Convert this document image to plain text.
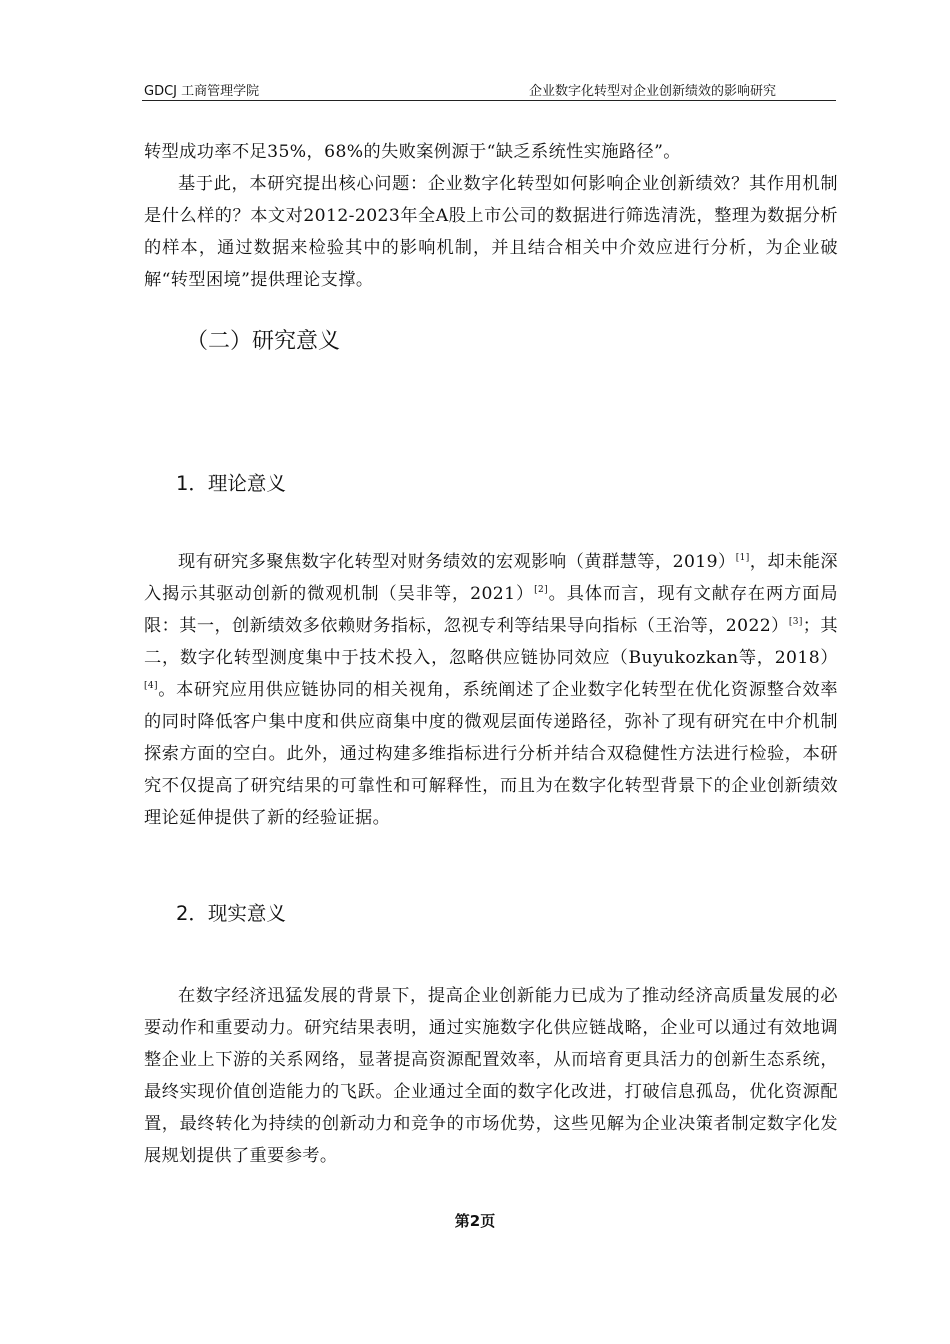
GDCJ 工商管理学院	企业数字化转型对企业创新绩效的影响研究

转型成功率不足35%，68%的失败案例源于“缺乏系统性实施路径”。

基于此，本研究提出核心问题：企业数字化转型如何影响企业创新绩效？其作用机制是什么样的？本文对2012-2023年全A股上市公司的数据进行筛选清洗，整理为数据分析的样本，通过数据来检验其中的影响机制，并且结合相关中介效应进行分析，为企业破解“转型困境”提供理论支撑。

（二）研究意义
1．理论意义

现有研究多聚焦数字化转型对财务绩效的宏观影响（黄群慧等，2019）[1]，却未能深入揭示其驱动创新的微观机制（吴非等，2021）[2]。具体而言，现有文献存在两方面局限：其一，创新绩效多依赖财务指标，忽视专利等结果导向指标（王治等，2022）[3]；其二，数字化转型测度集中于技术投入，忽略供应链协同效应（Buyukozkan等，2018）[4]。本研究应用供应链协同的相关视角，系统阐述了企业数字化转型在优化资源整合效率的同时降低客户集中度和供应商集中度的微观层面传递路径，弥补了现有研究在中介机制探索方面的空白。此外，通过构建多维指标进行分析并结合双稳健性方法进行检验，本研究不仅提高了研究结果的可靠性和可解释性，而且为在数字化转型背景下的企业创新绩效理论延伸提供了新的经验证据。

2．现实意义

在数字经济迅猛发展的背景下，提高企业创新能力已成为了推动经济高质量发展的必要动作和重要动力。研究结果表明，通过实施数字化供应链战略，企业可以通过有效地调整企业上下游的关系网络，显著提高资源配置效率，从而培育更具活力的创新生态系统，最终实现价值创造能力的飞跃。企业通过全面的数字化改进，打破信息孤岛，优化资源配置，最终转化为持续的创新动力和竞争的市场优势，这些见解为企业决策者制定数字化发展规划提供了重要参考。

第2页
